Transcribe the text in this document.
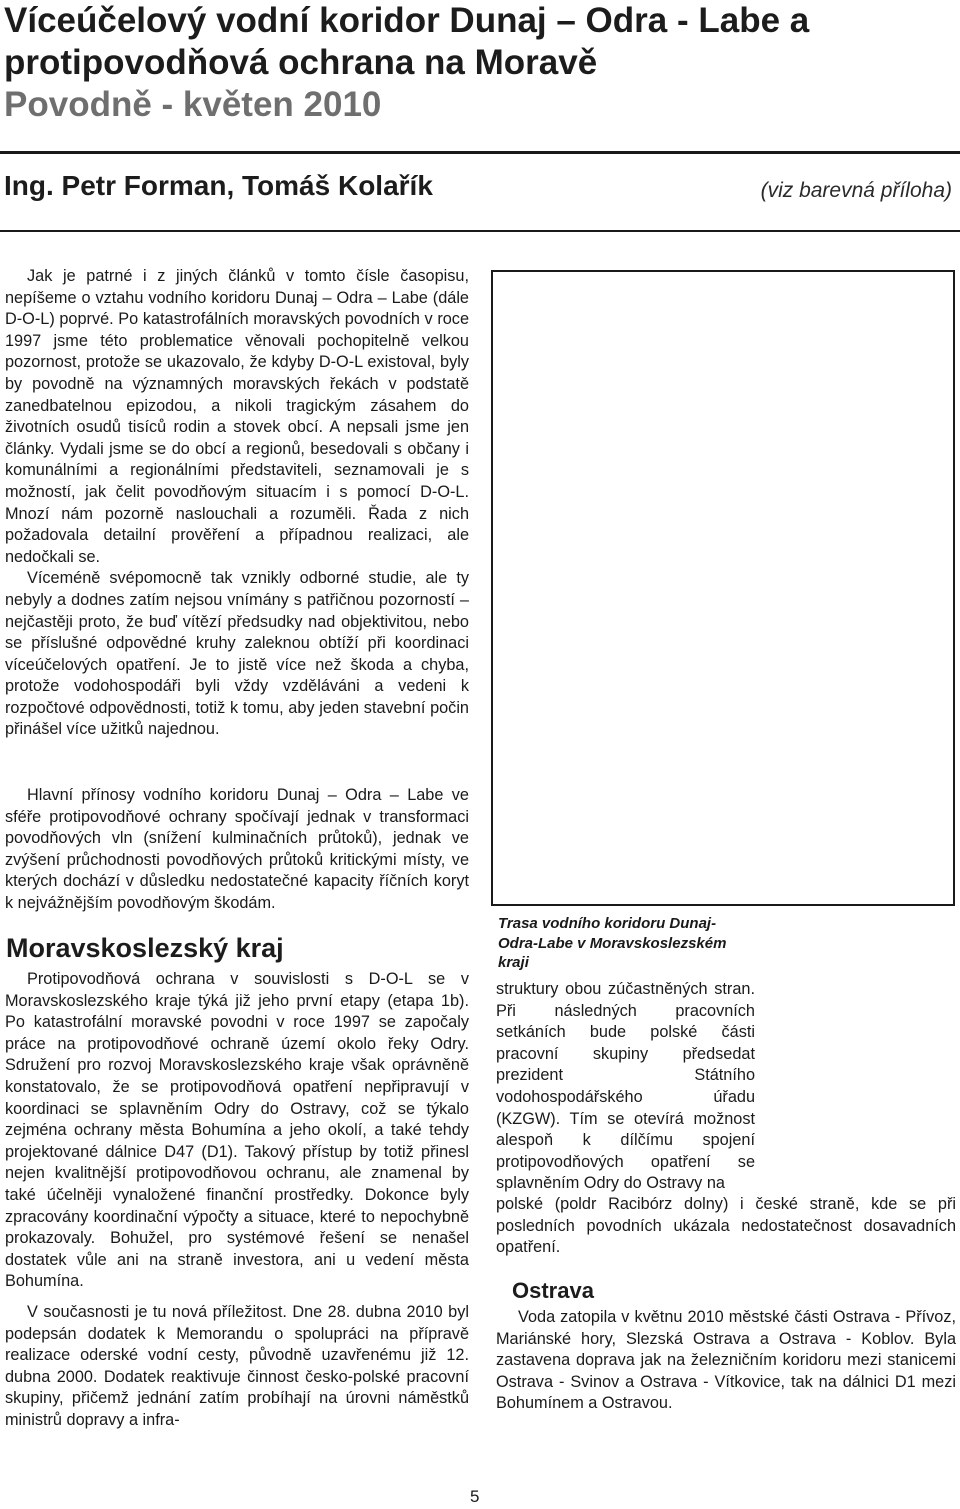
Víceúčelový vodní koridor Dunaj – Odra - Labe a protipovodňová ochrana na Moravě
Povodně - květen 2010
Ing. Petr Forman, Tomáš Kolařík	(viz barevná příloha)

Jak je patrné i z jiných článků v tomto čísle časopisu, nepíšeme o vztahu vodního koridoru Dunaj – Odra – Labe (dále D-O-L) poprvé. Po katastrofálních moravských povodních v roce 1997 jsme této problematice věnovali pochopitelně velkou pozornost, protože se ukazovalo, že kdyby D-O-L existoval, byly by povodně na významných moravských řekách v podstatě zanedbatelnou epizodou, a nikoli tragickým zásahem do životních osudů tisíců rodin a stovek obcí. A nepsali jsme jen články. Vydali jsme se do obcí a regionů, besedovali s občany i komunálními a regionálními představiteli, seznamovali je s možností, jak čelit povodňovým situacím i s pomocí D-O-L. Mnozí nám pozorně naslouchali a rozuměli. Řada z nich požadovala detailní prověření a případnou realizaci, ale nedočkali se.

Víceméně svépomocně tak vznikly odborné studie, ale ty nebyly a dodnes zatím nejsou vnímány s patřičnou pozorností – nejčastěji proto, že buď vítězí předsudky nad objektivitou, nebo se příslušné odpovědné kruhy zaleknou obtíží při koordinaci víceúčelových opatření. Je to jistě více než škoda a chyba, protože vodohospodáři byli vždy vzděláváni a vedeni k rozpočtové odpovědnosti, totiž k tomu, aby jeden stavební počin přinášel více užitků najednou.

Hlavní přínosy vodního koridoru Dunaj – Odra – Labe ve sféře protipovodňové ochrany spočívají jednak v transformaci povodňových vln (snížení kulminačních průtoků), jednak ve zvýšení průchodnosti povodňových průtoků kritickými místy, ve kterých dochází v důsledku nedostatečné kapacity říčních koryt k nejvážnějším povodňovým škodám.

Moravskoslezský kraj

Protipovodňová ochrana v souvislosti s D-O-L se v Moravskoslezského kraje týká již jeho první etapy (etapa 1b). Po katastrofální moravské povodni v roce 1997 se započaly práce na protipovodňové ochraně území okolo řeky Odry. Sdružení pro rozvoj Moravskoslezského kraje však oprávněně konstatovalo, že se protipovodňová opatření nepřipravují v koordinaci se splavněním Odry do Ostravy, což se týkalo zejména ochrany města Bohumína a jeho okolí, a také tehdy projektované dálnice D47 (D1). Takový přístup by totiž přinesl nejen kvalitnější protipovodňovou ochranu, ale znamenal by také účelněji vynaložené finanční prostředky. Dokonce byly zpracovány koordinační výpočty a situace, které to nepochybně prokazovaly. Bohužel, pro systémové řešení se nenašel dostatek vůle ani na straně investora, ani u vedení města Bohumína.

V současnosti je tu nová příležitost. Dne 28. dubna 2010 byl podepsán dodatek k Memorandu o spolupráci na přípravě realizace oderské vodní cesty, původně uzavřenému již 12. dubna 2000. Dodatek reaktivuje činnost česko-polské pracovní skupiny, přičemž jednání zatím probíhají na úrovni náměstků ministrů dopravy a infra-

Trasa vodního koridoru Dunaj-Odra-Labe v Moravskoslezském kraji

struktury obou zúčastněných stran. Při následných pracovních setkáních bude polské části pracovní skupiny předsedat prezident Státního vodohospodářského úřadu (KZGW). Tím se otevírá možnost alespoň k dílčímu spojení protipovodňových opatření se splavněním Odry do Ostravy na

polské (poldr Racibórz dolny) i české straně, kde se při posledních povodních ukázala nedostatečnost dosavadních opatření.

Ostrava

Voda zatopila v květnu 2010 městské části Ostrava - Přívoz, Mariánské hory, Slezská Ostrava a Ostrava - Koblov. Byla zastavena doprava jak na železničním koridoru mezi stanicemi Ostrava - Svinov a Ostrava - Vítkovice, tak na dálnici D1 mezi Bohumínem a Ostravou.

5
